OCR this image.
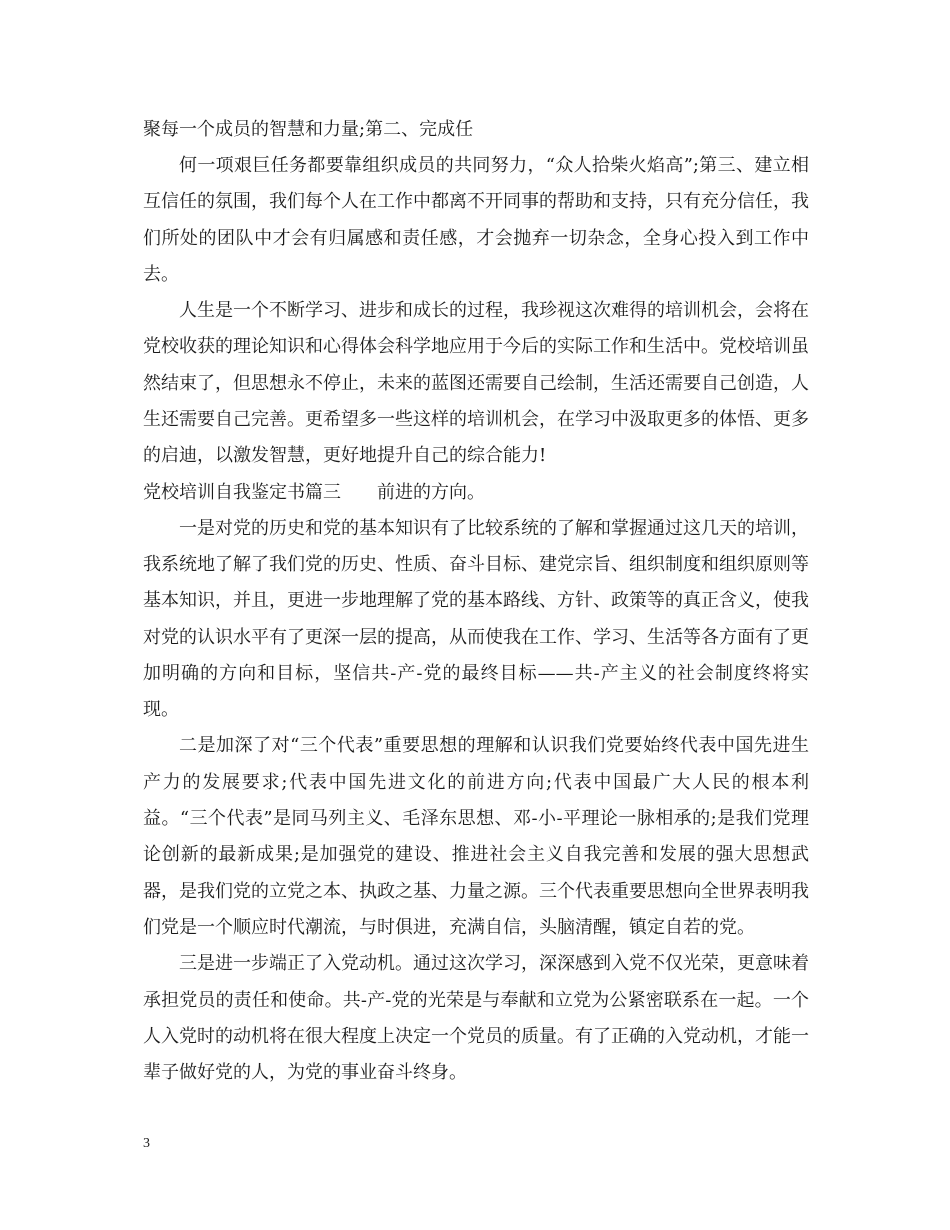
聚每一个成员的智慧和力量;第二、完成任

何一项艰巨任务都要靠组织成员的共同努力，“众人拾柴火焰高”;第三、建立相互信任的氛围，我们每个人在工作中都离不开同事的帮助和支持，只有充分信任，我们所处的团队中才会有归属感和责任感，才会抛弃一切杂念，全身心投入到工作中去。

人生是一个不断学习、进步和成长的过程，我珍视这次难得的培训机会，会将在党校收获的理论知识和心得体会科学地应用于今后的实际工作和生活中。党校培训虽然结束了，但思想永不停止，未来的蓝图还需要自己绘制，生活还需要自己创造，人生还需要自己完善。更希望多一些这样的培训机会，在学习中汲取更多的体悟、更多的启迪，以激发智慧，更好地提升自己的综合能力!

党校培训自我鉴定书篇三　　前进的方向。

一是对党的历史和党的基本知识有了比较系统的了解和掌握通过这几天的培训，我系统地了解了我们党的历史、性质、奋斗目标、建党宗旨、组织制度和组织原则等基本知识，并且，更进一步地理解了党的基本路线、方针、政策等的真正含义，使我对党的认识水平有了更深一层的提高，从而使我在工作、学习、生活等各方面有了更加明确的方向和目标，坚信共-产-党的最终目标——共-产主义的社会制度终将实现。

二是加深了对“三个代表”重要思想的理解和认识我们党要始终代表中国先进生产力的发展要求;代表中国先进文化的前进方向;代表中国最广大人民的根本利益。“三个代表”是同马列主义、毛泽东思想、邓-小-平理论一脉相承的;是我们党理论创新的最新成果;是加强党的建设、推进社会主义自我完善和发展的强大思想武器，是我们党的立党之本、执政之基、力量之源。三个代表重要思想向全世界表明我们党是一个顺应时代潮流，与时俱进，充满自信，头脑清醒，镇定自若的党。

三是进一步端正了入党动机。通过这次学习，深深感到入党不仅光荣，更意味着承担党员的责任和使命。共-产-党的光荣是与奉献和立党为公紧密联系在一起。一个人入党时的动机将在很大程度上决定一个党员的质量。有了正确的入党动机，才能一辈子做好党的人，为党的事业奋斗终身。

3
